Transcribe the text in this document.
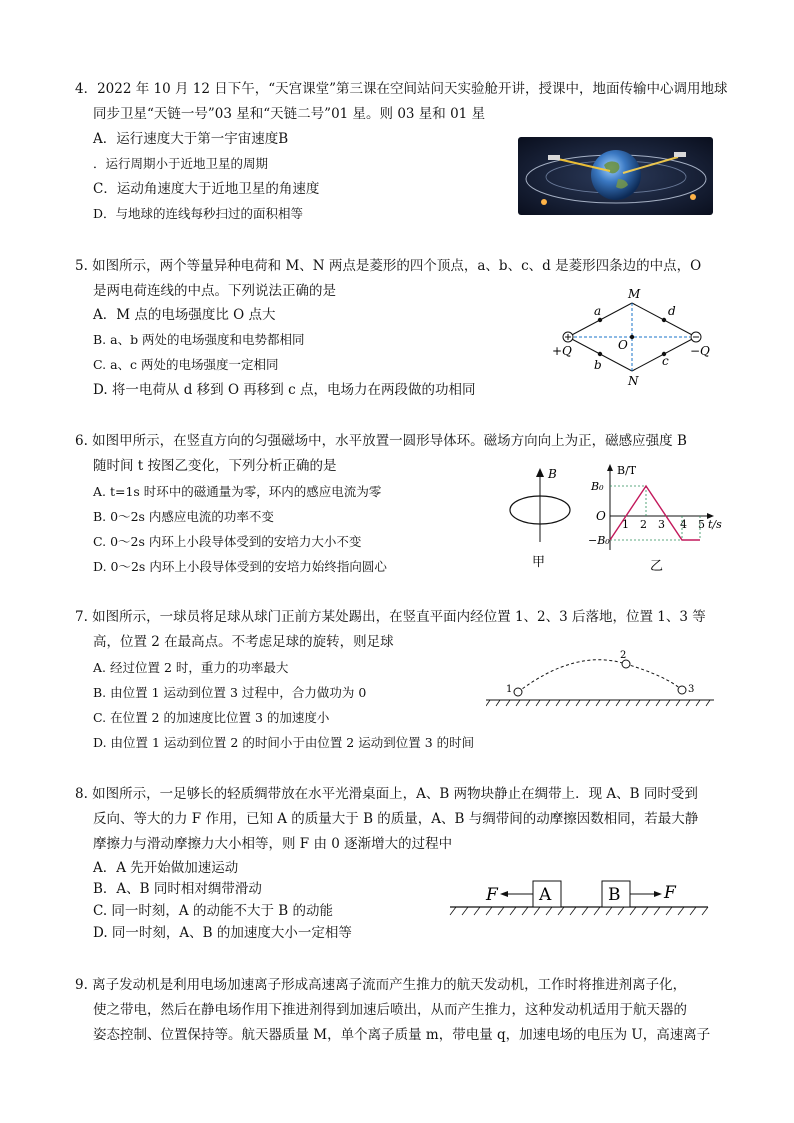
4．2022 年 10 月 12 日下午，“天宫课堂”第三课在空间站问天实验舱开讲，授课中，地面传输中心调用地球
同步卫星“天链一号”03 星和“天链二号”01 星。则 03 星和 01 星
A．运行速度大于第一宇宙速度B
．运行周期小于近地卫星的周期
C．运动角速度大于近地卫星的角速度
D．与地球的连线每秒扫过的面积相等
5. 如图所示，两个等量异种电荷和 M、N 两点是菱形的四个顶点，a、b、c、d 是菱形四条边的中点，O
是两电荷连线的中点。下列说法正确的是
A．M 点的电场强度比 O 点大
B. a、b 两处的电场强度和电势都相同
C. a、c 两处的电场强度一定相同
D. 将一电荷从 d 移到 O 再移到 c 点，电场力在两段做的功相同
M
N
O
a
b	c
d
+Q	−Q
6. 如图甲所示，在竖直方向的匀强磁场中，水平放置一圆形导体环。磁场方向向上为正，磁感应强度 B
随时间 t 按图乙变化，下列分析正确的是
A. t=1s 时环中的磁通量为零，环内的感应电流为零
B. 0～2s 内感应电流的功率不变
C. 0～2s 内环上小段导体受到的安培力大小不变
D. 0～2s 内环上小段导体受到的安培力始终指向圆心
B
甲
B/T
B₀
O
−B₀
1 2 3 4 5 t/s
乙
7. 如图所示，一球员将足球从球门正前方某处踢出，在竖直平面内经位置 1、2、3 后落地，位置 1、3 等
高，位置 2 在最高点。不考虑足球的旋转，则足球
A. 经过位置 2 时，重力的功率最大
B. 由位置 1 运动到位置 3 过程中，合力做功为 0
C. 在位置 2 的加速度比位置 3 的加速度小
D. 由位置 1 运动到位置 2 的时间小于由位置 2 运动到位置 3 的时间
1
2
3
8. 如图所示，一足够长的轻质绸带放在水平光滑桌面上，A、B 两物块静止在绸带上．现 A、B 同时受到
反向、等大的力 F 作用，已知 A 的质量大于 B 的质量，A、B 与绸带间的动摩擦因数相同，若最大静
摩擦力与滑动摩擦力大小相等，则 F 由 0 逐渐增大的过程中
A．A 先开始做加速运动
B．A、B 同时相对绸带滑动
C. 同一时刻，A 的动能不大于 B 的动能
D. 同一时刻，A、B 的加速度大小一定相等
A	B
F	F
9. 离子发动机是利用电场加速离子形成高速离子流而产生推力的航天发动机，工作时将推进剂离子化，
使之带电，然后在静电场作用下推进剂得到加速后喷出，从而产生推力，这种发动机适用于航天器的
姿态控制、位置保持等。航天器质量 M，单个离子质量 m，带电量 q，加速电场的电压为 U，高速离子
